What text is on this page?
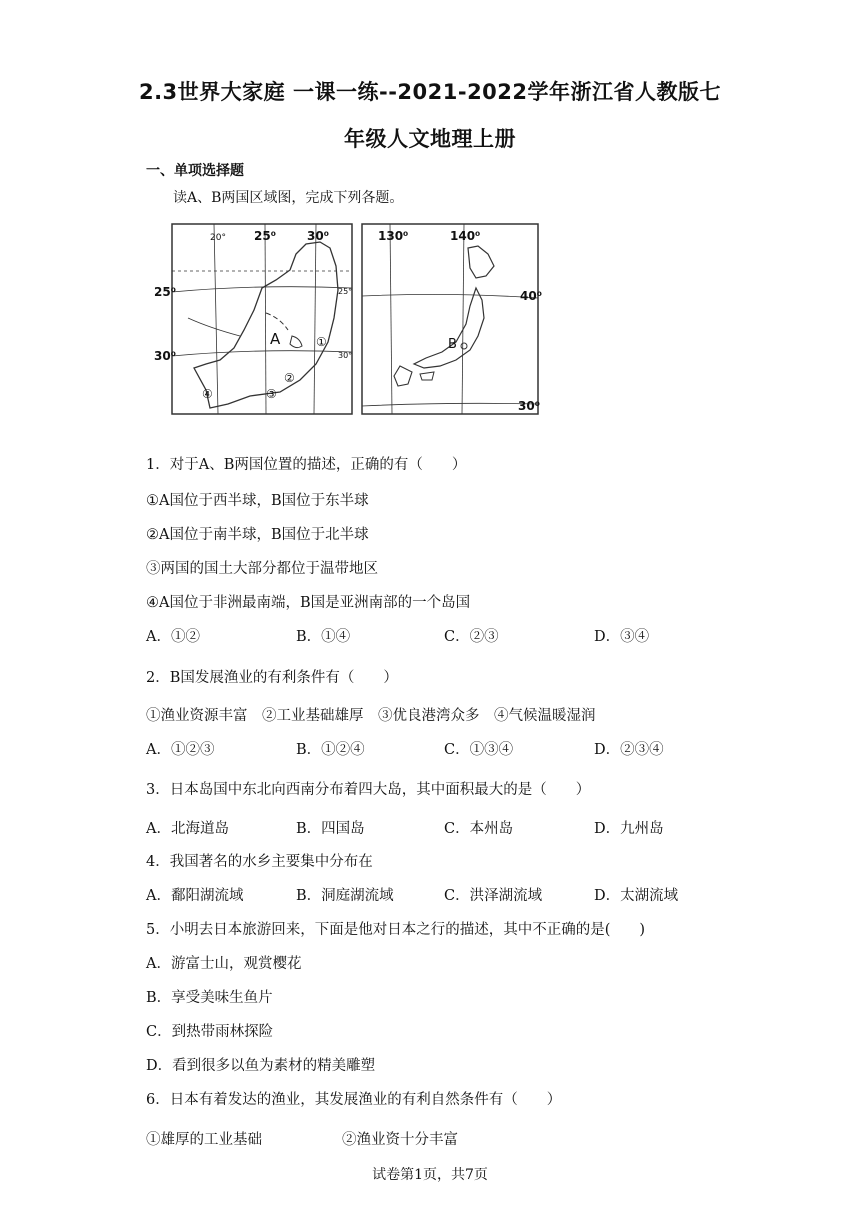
2.3世界大家庭 一课一练--2021-2022学年浙江省人教版七
年级人文地理上册
一、单项选择题
读A、B两国区域图，完成下列各题。
20° 25⁰	30⁰
25⁰
30⁰
25°
30°
A	①
②
③
④
130⁰	140⁰
40⁰
30⁰
B
1．对于A、B两国位置的描述，正确的有（　　）
①A国位于西半球，B国位于东半球
②A国位于南半球，B国位于北半球
③两国的国土大部分都位于温带地区
④A国位于非洲最南端，B国是亚洲南部的一个岛国
A．①②	B．①④	C．②③	D．③④
2．B国发展渔业的有利条件有（　　）
①渔业资源丰富　②工业基础雄厚　③优良港湾众多　④气候温暖湿润
A．①②③	B．①②④	C．①③④	D．②③④
3．日本岛国中东北向西南分布着四大岛，其中面积最大的是（　　）
A．北海道岛	B．四国岛	C．本州岛	D．九州岛
4．我国著名的水乡主要集中分布在
A．鄱阳湖流域	B．洞庭湖流域	C．洪泽湖流域	D．太湖流域
5．小明去日本旅游回来，下面是他对日本之行的描述，其中不正确的是(　　)
A．游富士山，观赏樱花
B．享受美味生鱼片
C．到热带雨林探险
D．看到很多以鱼为素材的精美雕塑
6．日本有着发达的渔业，其发展渔业的有利自然条件有（　　）
①雄厚的工业基础	②渔业资十分丰富
试卷第1页，共7页
